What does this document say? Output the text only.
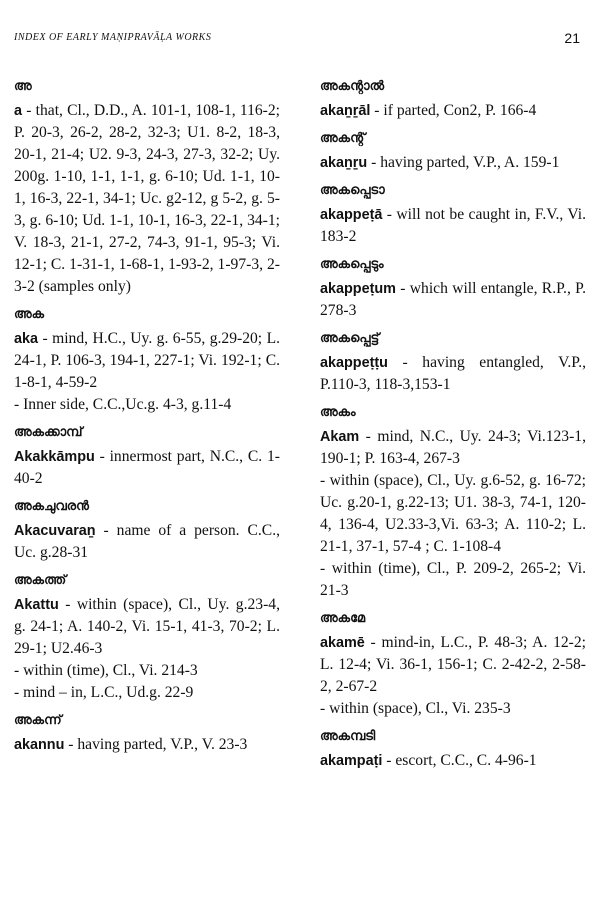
INDEX OF EARLY MAṆIPRAVĀḶA WORKS	21
അ

a - that, Cl., D.D., A. 101-1, 108-1, 116-2; P. 20-3, 26-2, 28-2, 32-3; U1. 8-2, 18-3, 20-1, 21-4; U2. 9-3, 24-3, 27-3, 32-2; Uy. 200g. 1-10, 1-1, 1-1, g. 6-10; Ud. 1-1, 10-1, 16-3, 22-1, 34-1; Uc. g2-12, g 5-2, g. 5-3, g. 6-10; Ud. 1-1, 10-1, 16-3, 22-1, 34-1; V. 18-3, 21-1, 27-2, 74-3, 91-1, 95-3; Vi. 12-1; C. 1-31-1, 1-68-1, 1-93-2, 1-97-3, 2-3-2 (samples only)

അക

aka - mind, H.C., Uy. g. 6-55, g.29-20; L. 24-1, P. 106-3, 194-1, 227-1; Vi. 192-1; C. 1-8-1, 4-59-2

- Inner side, C.C.,Uc.g. 4-3, g.11-4

അകക്കാമ്പ്

Akakkāmpu - innermost part, N.C., C. 1-40-2

അകചുവരൻ

Akacuvaraṉ - name of a person. C.C., Uc. g.28-31

അകത്ത്

Akattu - within (space), Cl., Uy. g.23-4, g. 24-1; A. 140-2, Vi. 15-1, 41-3, 70-2; L. 29-1; U2.46-3

- within (time), Cl., Vi. 214-3

- mind – in, L.C., Ud.g. 22-9

അകന്ന്

akannu - having parted, V.P., V. 23-3

അകന്റാൽ

akaṉṟāl - if parted, Con2, P. 166-4

അകന്റ്

akaṉṟu - having parted, V.P., A. 159-1

അകപ്പെടാ

akappeṭā - will not be caught in, F.V., Vi. 183-2

അകപ്പെടും

akappeṭum - which will entangle, R.P., P. 278-3

അകപ്പെട്ട്

akappeṭṭu - having entangled, V.P., P.110-3, 118-3,153-1

അകം

Akam - mind, N.C., Uy. 24-3; Vi.123-1, 190-1; P. 163-4, 267-3

- within (space), Cl., Uy. g.6-52, g. 16-72; Uc. g.20-1, g.22-13; U1. 38-3, 74-1, 120-4, 136-4, U2.33-3,Vi. 63-3; A. 110-2; L. 21-1, 37-1, 57-4 ; C. 1-108-4

- within (time), Cl., P. 209-2, 265-2; Vi. 21-3

അകമേ

akamē - mind-in, L.C., P. 48-3; A. 12-2; L. 12-4; Vi. 36-1, 156-1; C. 2-42-2, 2-58-2, 2-67-2

- within (space), Cl., Vi. 235-3

അകമ്പടി

akampaṭi - escort, C.C., C. 4-96-1
